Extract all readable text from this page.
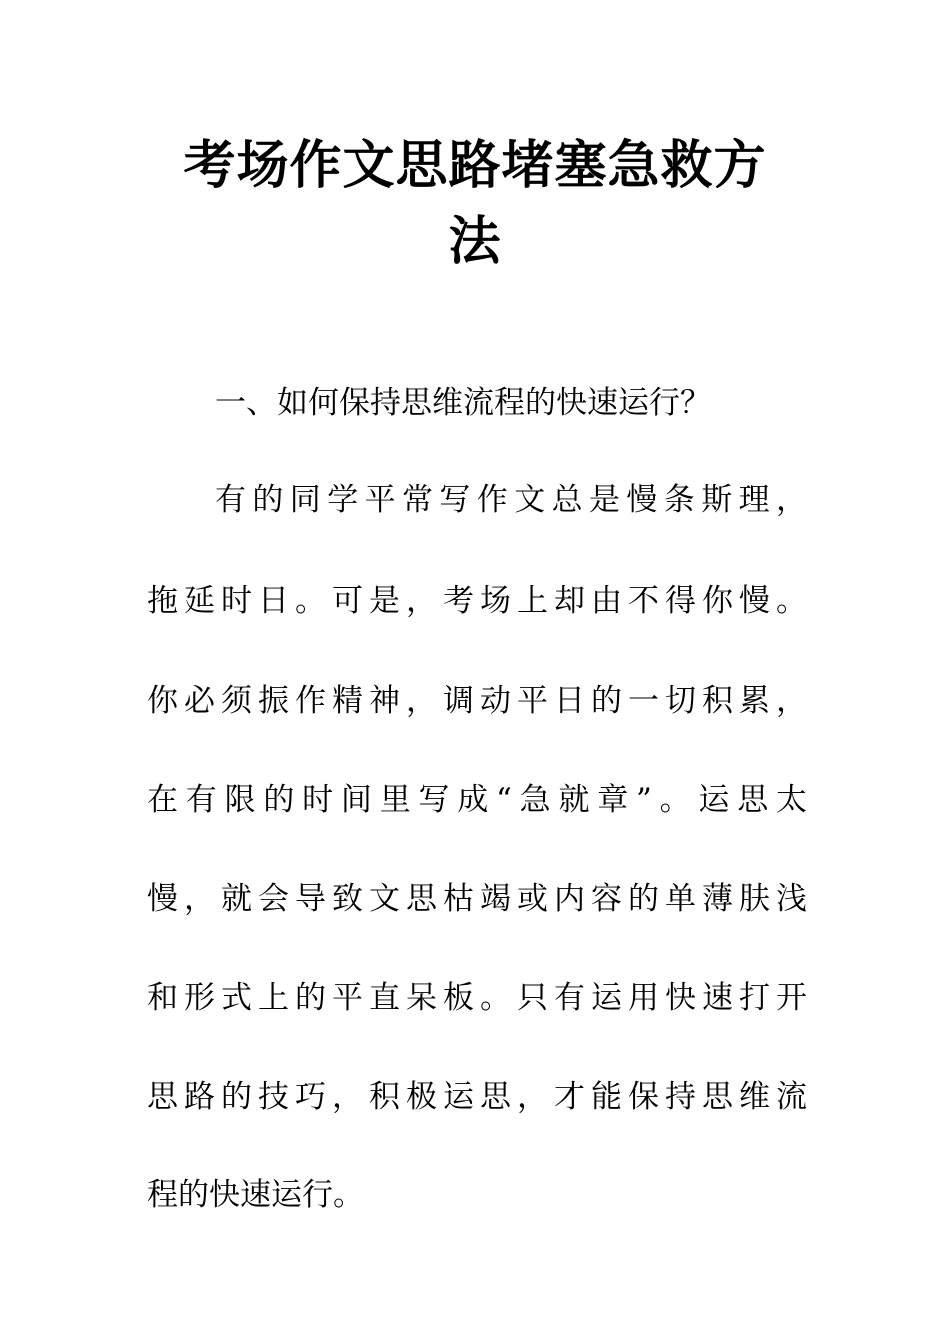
考场作文思路堵塞急救方
法

一、如何保持思维流程的快速运行？

有的同学平常写作文总是慢条斯理，

拖延时日。可是，考场上却由不得你慢。

你必须振作精神，调动平日的一切积累，

在有限的时间里写成“急就章”。运思太

慢，就会导致文思枯竭或内容的单薄肤浅

和形式上的平直呆板。只有运用快速打开

思路的技巧，积极运思，才能保持思维流

程的快速运行。
